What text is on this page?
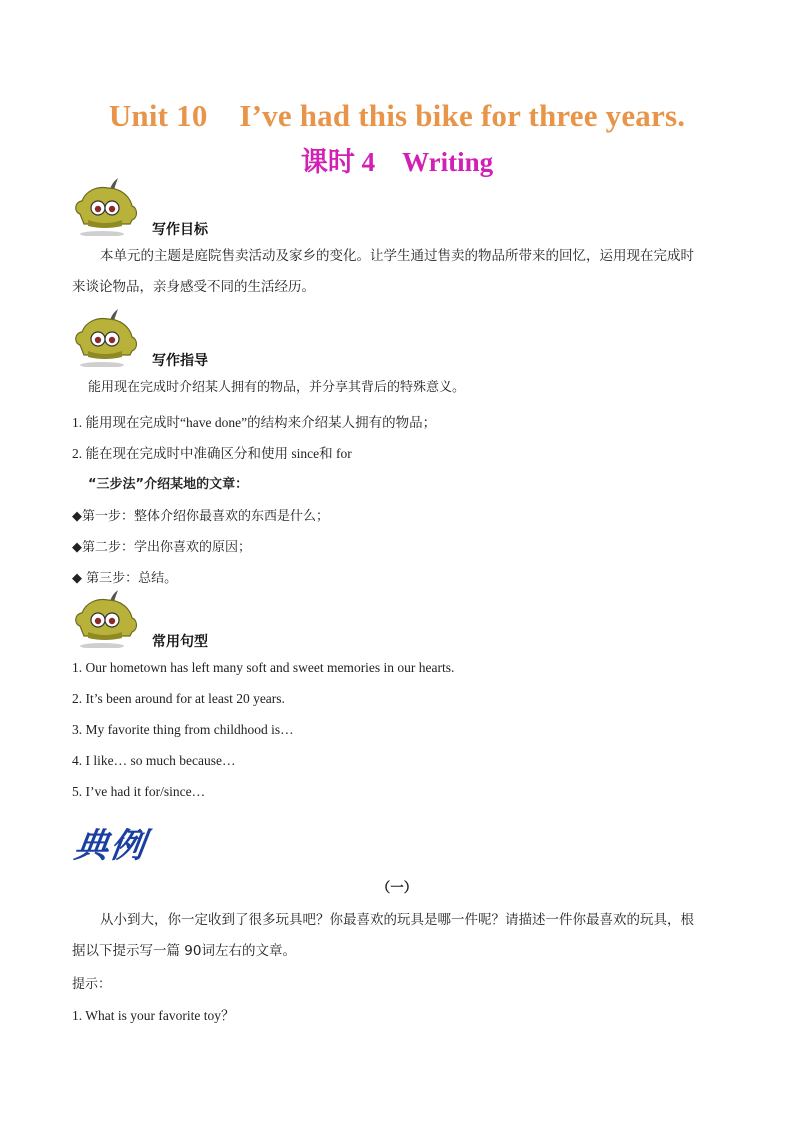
Unit 10    I’ve had this bike for three years.
课时 4    Writing
写作目标
本单元的主题是庭院售卖活动及家乡的变化。让学生通过售卖的物品所带来的回忆，运用现在完成时
来谈论物品，亲身感受不同的生活经历。
写作指导
能用现在完成时介绍某人拥有的物品，并分享其背后的特殊意义。
1. 能用现在完成时“have done”的结构来介绍某人拥有的物品；
2. 能在现在完成时中准确区分和使用 since和 for
“三步法”介绍某地的文章：
◆第一步：整体介绍你最喜欢的东西是什么；
◆第二步：学出你喜欢的原因；
◆ 第三步：总结。
常用句型
1. Our hometown has left many soft and sweet memories in our hearts.
2. It’s been around for at least 20 years.
3. My favorite thing from childhood is…
4. I like… so much because…
5. I’ve had it for/since…
典例
（一）
从小到大，你一定收到了很多玩具吧？你最喜欢的玩具是哪一件呢？请描述一件你最喜欢的玩具，根
据以下提示写一篇 90词左右的文章。
提示：
1. What is your favorite toy？
